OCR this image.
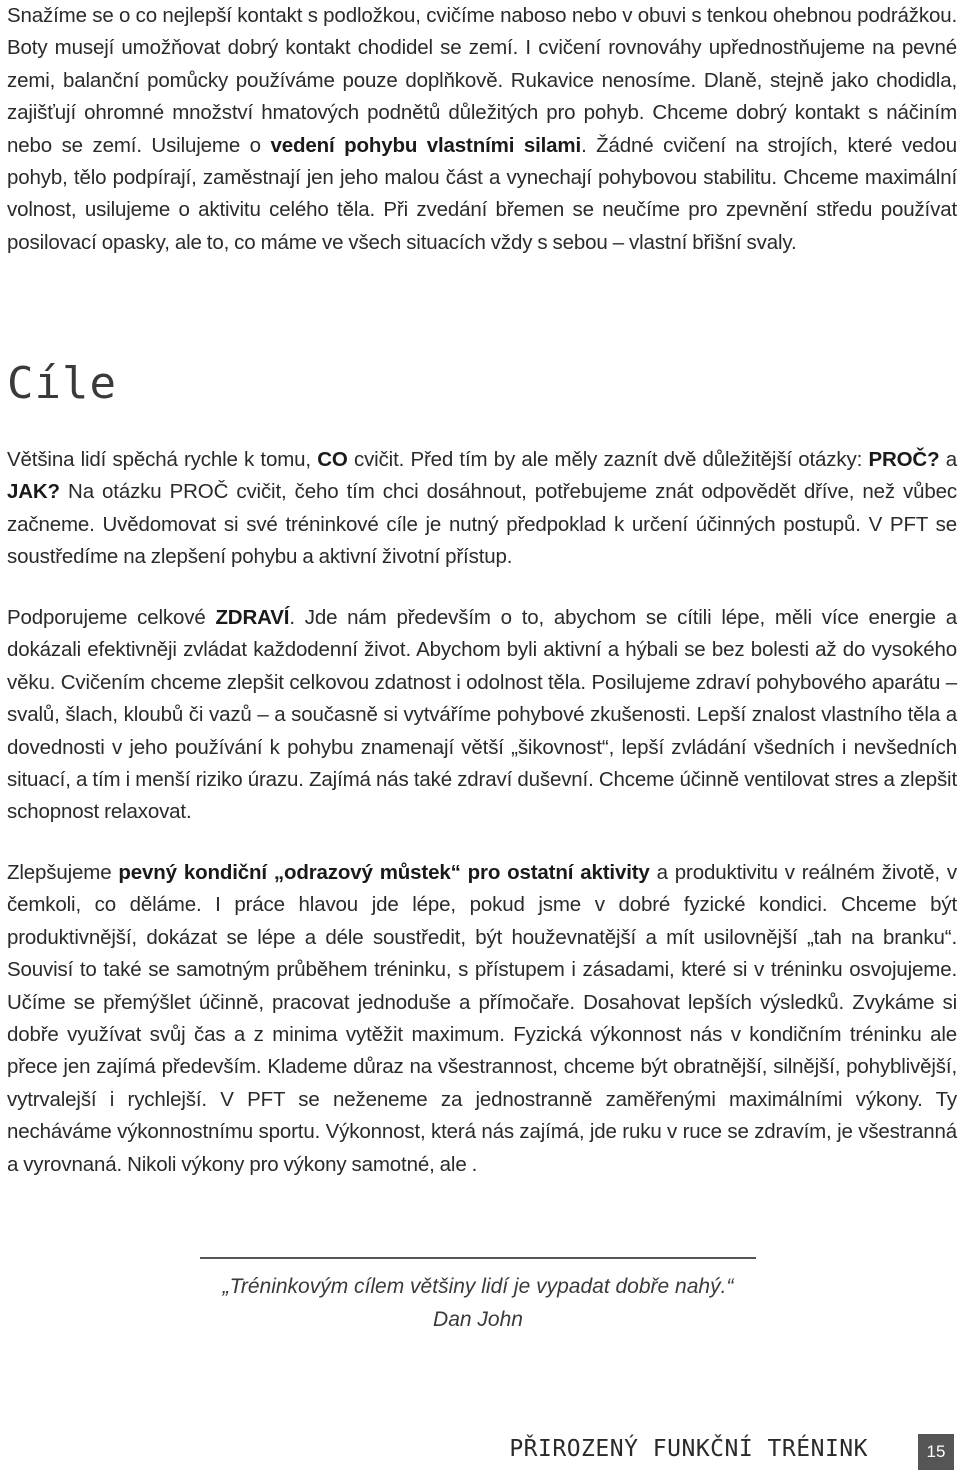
Snažíme se o co nejlepší kontakt s podložkou, cvičíme naboso nebo v obuvi s tenkou ohebnou podrážkou. Boty musejí umožňovat dobrý kontakt chodidel se zemí. I cvičení rovnováhy upřednostňujeme na pevné zemi, balanční pomůcky používáme pouze doplňkově. Rukavice nenosíme. Dlaně, stejně jako chodidla, zajišťují ohromné množství hmatových podnětů důležitých pro pohyb. Chceme dobrý kontakt s náčiním nebo se zemí. Usilujeme o vedení pohybu vlastními silami. Žádné cvičení na strojích, které vedou pohyb, tělo podpírají, zaměstnají jen jeho malou část a vynechají pohybovou stabilitu. Chceme maximální volnost, usilujeme o aktivitu celého těla. Při zvedání břemen se neučíme pro zpevnění středu používat posilovací opasky, ale to, co máme ve všech situacích vždy s sebou – vlastní břišní svaly.

Cíle

Většina lidí spěchá rychle k tomu, CO cvičit. Před tím by ale měly zaznít dvě důležitější otázky: PROČ? a JAK? Na otázku PROČ cvičit, čeho tím chci dosáhnout, potřebujeme znát odpovědět dříve, než vůbec začneme. Uvědomovat si své tréninkové cíle je nutný předpoklad k určení účinných postupů. V PFT se soustředíme na zlepšení pohybu a aktivní životní přístup.

Podporujeme celkové ZDRAVÍ. Jde nám především o to, abychom se cítili lépe, měli více energie a dokázali efektivněji zvládat každodenní život. Abychom byli aktivní a hýbali se bez bolesti až do vysokého věku. Cvičením chceme zlepšit celkovou zdatnost i odolnost těla. Posilujeme zdraví pohybového aparátu – svalů, šlach, kloubů či vazů – a současně si vytváříme pohybové zkušenosti. Lepší znalost vlastního těla a dovednosti v jeho používání k pohybu znamenají větší „šikovnost“, lepší zvládání všedních i nevšedních situací, a tím i menší riziko úrazu. Zajímá nás také zdraví duševní. Chceme účinně ventilovat stres a zlepšit schopnost relaxovat.

Zlepšujeme pevný kondiční „odrazový můstek“ pro ostatní aktivity a produktivitu v reálném životě, v čemkoli, co děláme. I práce hlavou jde lépe, pokud jsme v dobré fyzické kondici. Chceme být produktivnější, dokázat se lépe a déle soustředit, být houževnatější a mít usilovnější „tah na branku“. Souvisí to také se samotným průběhem tréninku, s přístupem i zásadami, které si v tréninku osvojujeme. Učíme se přemýšlet účinně, pracovat jednoduše a přímočaře. Dosahovat lepších výsledků. Zvykáme si dobře využívat svůj čas a z minima vytěžit maximum. Fyzická výkonnost nás v kondičním tréninku ale přece jen zajímá především. Klademe důraz na všestrannost, chceme být obratnější, silnější, pohyblivější, vytrvalejší i rychlejší. V PFT se neženeme za jednostranně zaměřenými maximálními výkony. Ty necháváme výkonnostnímu sportu. Výkonnost, která nás zajímá, jde ruku v ruce se zdravím, je všestranná a vyrovnaná. Nikoli výkony pro výkony samotné, ale .

„Tréninkovým cílem většiny lidí je vypadat dobře nahý.“
Dan John
PŘIROZENÝ FUNKČNÍ TRÉNINK	15
